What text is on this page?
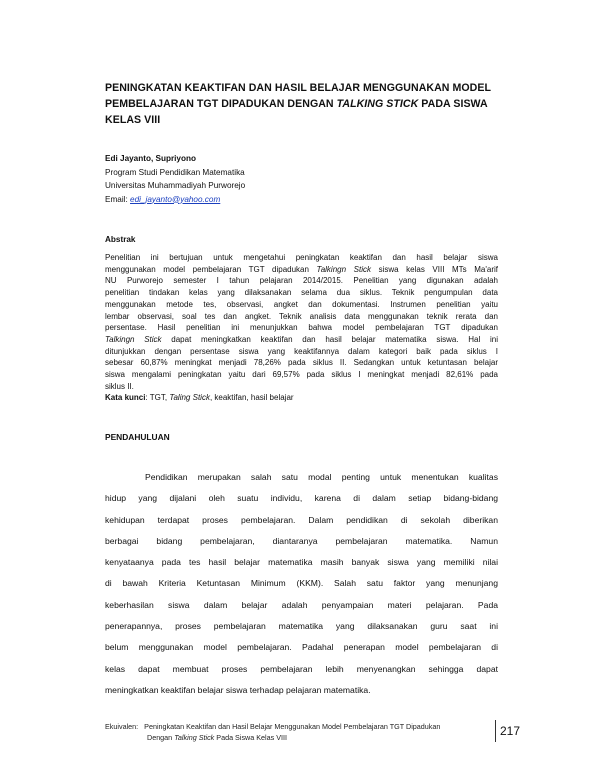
PENINGKATAN KEAKTIFAN DAN HASIL BELAJAR MENGGUNAKAN MODEL
PEMBELAJARAN TGT DIPADUKAN DENGAN TALKING STICK PADA SISWA
KELAS VIII
Edi Jayanto, Supriyono
Program Studi Pendidikan Matematika
Universitas Muhammadiyah Purworejo
Email: edi_jayanto@yahoo.com
Abstrak
Penelitian ini bertujuan untuk mengetahui peningkatan keaktifan dan hasil belajar siswa
menggunakan model pembelajaran TGT dipadukan Talkingn Stick siswa kelas VIII MTs Ma'arif
NU Purworejo semester I tahun pelajaran 2014/2015. Penelitian yang digunakan adalah
penelitian tindakan kelas yang dilaksanakan selama dua siklus. Teknik pengumpulan data
menggunakan metode tes, observasi, angket dan dokumentasi. Instrumen penelitian yaitu
lembar observasi, soal tes dan angket. Teknik analisis data menggunakan teknik rerata dan
persentase. Hasil penelitian ini menunjukkan bahwa model pembelajaran TGT dipadukan
Talkingn Stick dapat meningkatkan keaktifan dan hasil belajar matematika siswa. Hal ini
ditunjukkan dengan persentase siswa yang keaktifannya dalam kategori baik pada siklus I
sebesar 60,87% meningkat menjadi 78,26% pada siklus II. Sedangkan untuk ketuntasan belajar
siswa mengalami peningkatan yaitu dari 69,57% pada siklus I meningkat menjadi 82,61% pada
siklus II.
Kata kunci: TGT, Taling Stick, keaktifan, hasil belajar
PENDAHULUAN
Pendidikan merupakan salah satu modal penting untuk menentukan kualitas
hidup yang dijalani oleh suatu individu, karena di dalam setiap bidang-bidang
kehidupan terdapat proses pembelajaran. Dalam pendidikan di sekolah diberikan
berbagai bidang pembelajaran, diantaranya pembelajaran matematika. Namun
kenyataanya pada tes hasil belajar matematika masih banyak siswa yang memiliki nilai
di bawah Kriteria Ketuntasan Minimum (KKM). Salah satu faktor yang menunjang
keberhasilan siswa dalam belajar adalah penyampaian materi pelajaran. Pada
penerapannya, proses pembelajaran matematika yang dilaksanakan guru saat ini
belum menggunakan model pembelajaran. Padahal penerapan model pembelajaran di
kelas dapat membuat proses pembelajaran lebih menyenangkan sehingga dapat
meningkatkan keaktifan belajar siswa terhadap pelajaran matematika.
Ekuivalen: Peningkatan Keaktifan dan Hasil Belajar Menggunakan Model Pembelajaran TGT Dipadukan
Dengan Talking Stick Pada Siswa Kelas VIII	217
